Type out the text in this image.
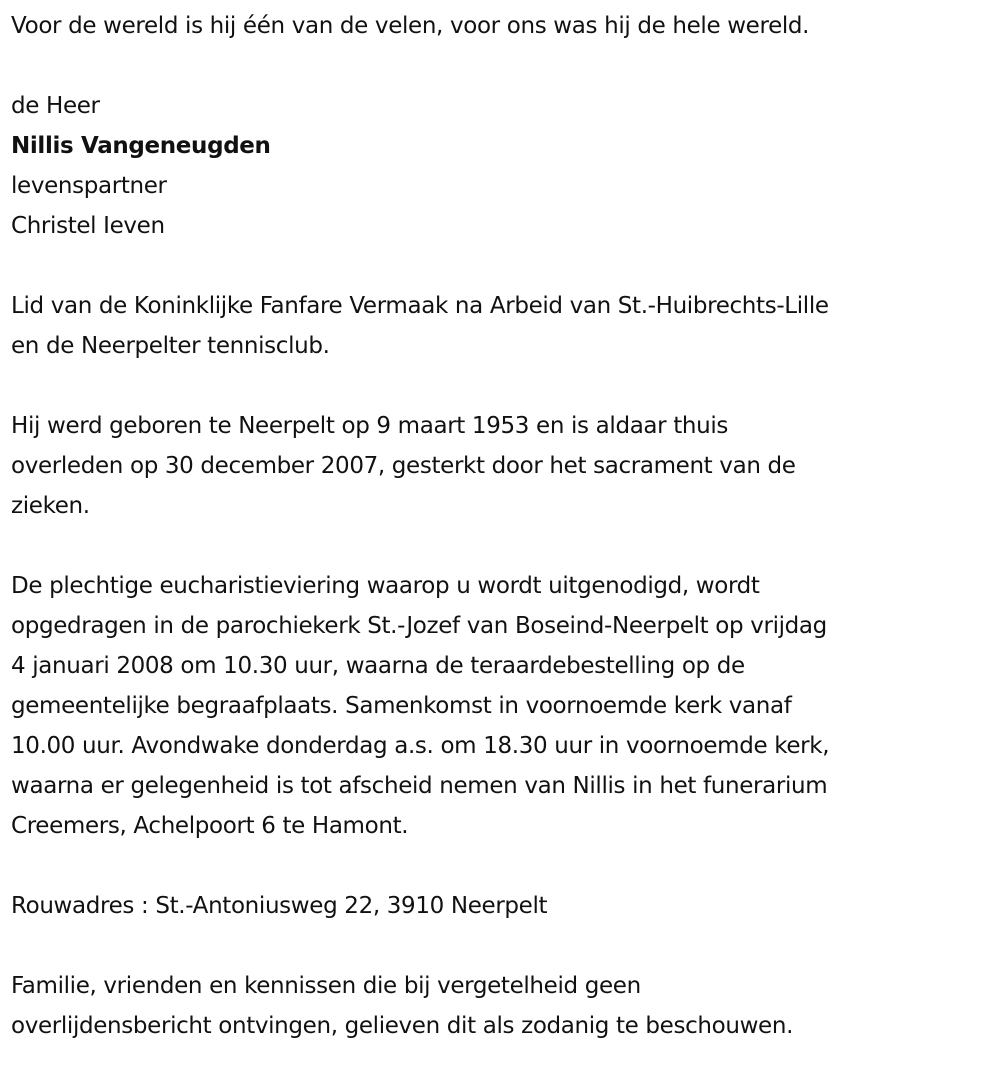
Voor de wereld is hij één van de velen, voor ons was hij de hele wereld.

de Heer

Nillis Vangeneugden

levenspartner

Christel Ieven

Lid van de Koninklijke Fanfare Vermaak na Arbeid van St.-Huibrechts-Lille
en de Neerpelter tennisclub.

Hij werd geboren te Neerpelt op 9 maart 1953 en is aldaar thuis
overleden op 30 december 2007, gesterkt door het sacrament van de
zieken.

De plechtige eucharistieviering waarop u wordt uitgenodigd, wordt
opgedragen in de parochiekerk St.-Jozef van Boseind-Neerpelt op vrijdag
4 januari 2008 om 10.30 uur, waarna de teraardebestelling op de
gemeentelijke begraafplaats. Samenkomst in voornoemde kerk vanaf
10.00 uur. Avondwake donderdag a.s. om 18.30 uur in voornoemde kerk,
waarna er gelegenheid is tot afscheid nemen van Nillis in het funerarium
Creemers, Achelpoort 6 te Hamont.

Rouwadres : St.-Antoniusweg 22, 3910 Neerpelt

Familie, vrienden en kennissen die bij vergetelheid geen
overlijdensbericht ontvingen, gelieven dit als zodanig te beschouwen.
